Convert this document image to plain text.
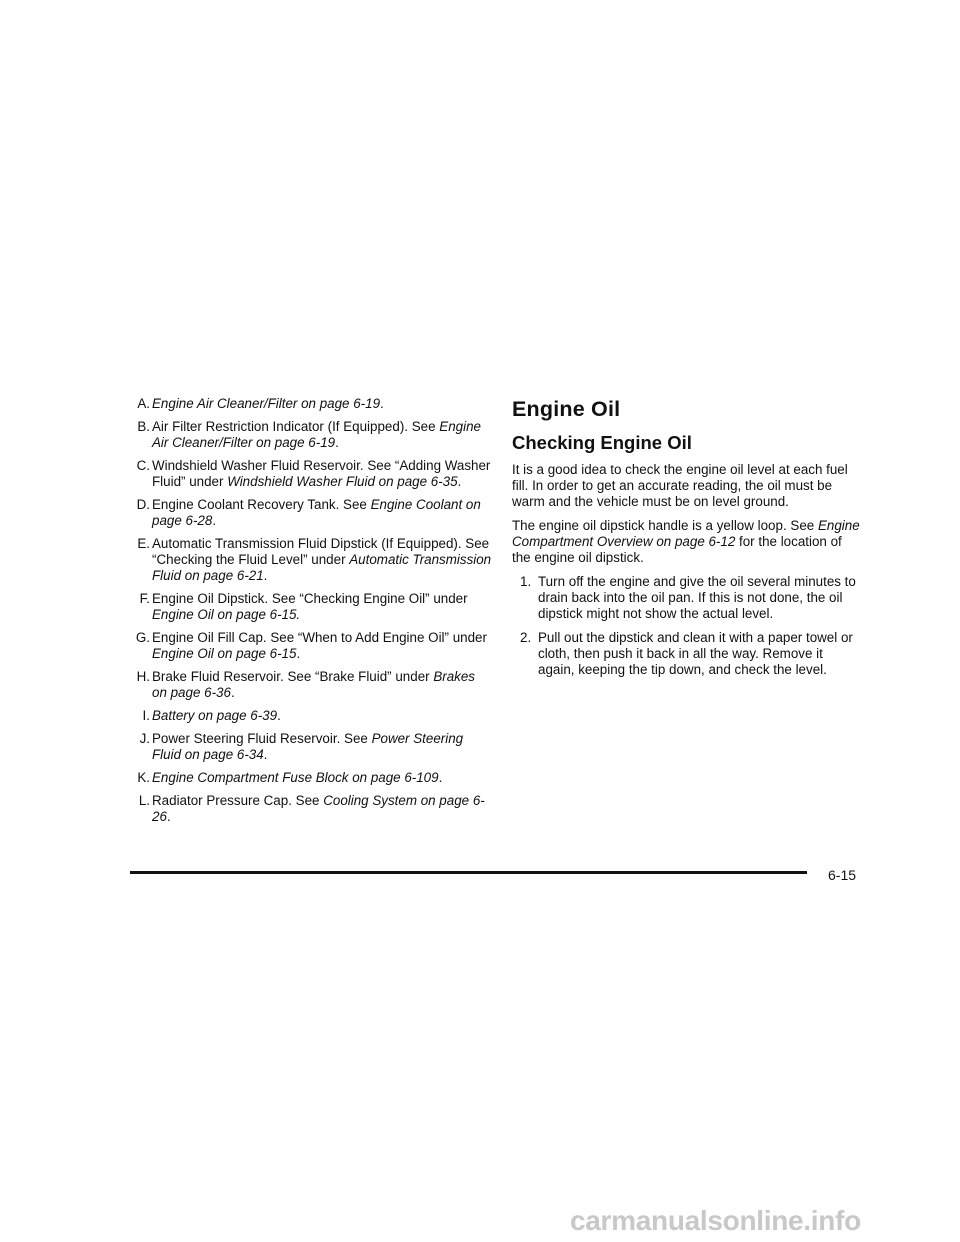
A. Engine Air Cleaner/Filter on page 6-19.
B. Air Filter Restriction Indicator (If Equipped). See Engine Air Cleaner/Filter on page 6-19.
C. Windshield Washer Fluid Reservoir. See “Adding Washer Fluid” under Windshield Washer Fluid on page 6-35.
D. Engine Coolant Recovery Tank. See Engine Coolant on page 6-28.
E. Automatic Transmission Fluid Dipstick (If Equipped). See “Checking the Fluid Level” under Automatic Transmission Fluid on page 6-21.
F. Engine Oil Dipstick. See “Checking Engine Oil” under Engine Oil on page 6-15.
G. Engine Oil Fill Cap. See “When to Add Engine Oil” under Engine Oil on page 6-15.
H. Brake Fluid Reservoir. See “Brake Fluid” under Brakes on page 6-36.
I. Battery on page 6-39.
J. Power Steering Fluid Reservoir. See Power Steering Fluid on page 6-34.
K. Engine Compartment Fuse Block on page 6-109.
L. Radiator Pressure Cap. See Cooling System on page 6-26.
Engine Oil
Checking Engine Oil

It is a good idea to check the engine oil level at each fuel fill. In order to get an accurate reading, the oil must be warm and the vehicle must be on level ground.

The engine oil dipstick handle is a yellow loop. See Engine Compartment Overview on page 6-12 for the location of the engine oil dipstick.

1. Turn off the engine and give the oil several minutes to drain back into the oil pan. If this is not done, the oil dipstick might not show the actual level.
2. Pull out the dipstick and clean it with a paper towel or cloth, then push it back in all the way. Remove it again, keeping the tip down, and check the level.
6-15
carmanualsonline.info
